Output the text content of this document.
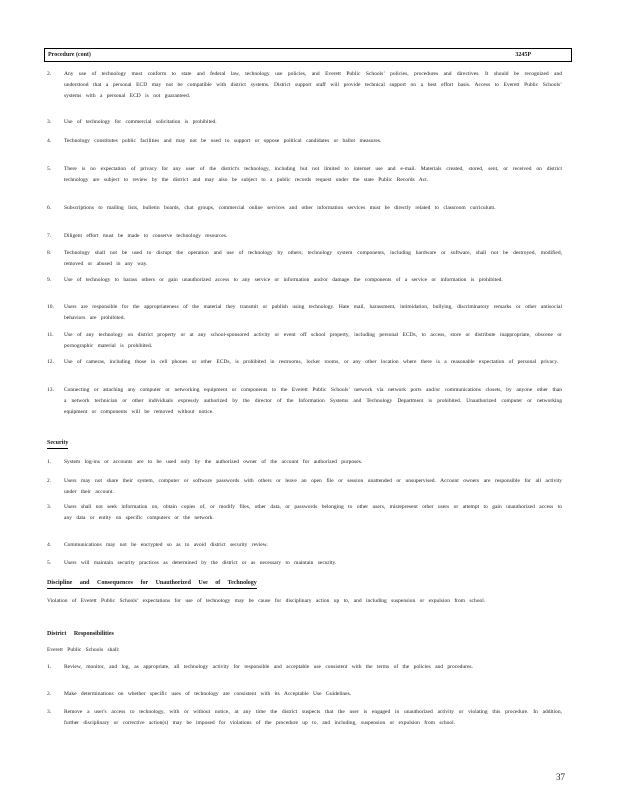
Procedure (cont)	3245P
2.	Any use of technology must conform to state and federal law, technology use policies, and Everett Public Schools’ policies, procedures and directives. It should be recognized and understood that a personal ECD may not be compatible with district systems. District support staff will provide technical support on a best effort basis. Access to Everett Public Schools’ systems with a personal ECD is not guaranteed.
3.	Use of technology for commercial solicitation is prohibited.
4.	Technology constitutes public facilities and may not be used to support or oppose political candidates or ballot measures.
5.	There is no expectation of privacy for any user of the district's technology, including but not limited to internet use and e-mail. Materials created, stored, sent, or received on district technology are subject to review by the district and may also be subject to a public records request under the state Public Records Act.
6.	Subscriptions to mailing lists, bulletin boards, chat groups, commercial online services and other information services must be directly related to classroom curriculum.
7.	Diligent effort must be made to conserve technology resources.
8.	Technology shall not be used to disrupt the operation and use of technology by others; technology system components, including hardware or software, shall not be destroyed, modified, removed or abused in any way.
9.	Use of technology to harass others or gain unauthorized access to any service or information and/or damage the components of a service or information is prohibited.
10.	Users are responsible for the appropriateness of the material they transmit or publish using technology. Hate mail, harassment, intimidation, bullying, discriminatory remarks or other antisocial behaviors are prohibited.
11.	Use of any technology on district property or at any school-sponsored activity or event off school property, including personal ECDs, to access, store or distribute inappropriate, obscene or pornographic material is prohibited.
12.	Use of cameras, including those in cell phones or other ECDs, is prohibited in restrooms, locker rooms, or any other location where there is a reasonable expectation of personal privacy.
13.	Connecting or attaching any computer or networking equipment or components to the Everett Public Schools’ network via network ports and/or communications closets, by anyone other than a network technician or other individuals expressly authorized by the director of the Information Systems and Technology Department is prohibited. Unauthorized computer or networking equipment or components will be removed without notice.
Security
1.	System log-ins or accounts are to be used only by the authorized owner of the account for authorized purposes.
2.	Users may not share their system, computer or software passwords with others or leave an open file or session unattended or unsupervised. Account owners are responsible for all activity under their account.
3.	Users shall not seek information on, obtain copies of, or modify files, other data, or passwords belonging to other users, misrepresent other users or attempt to gain unauthorized access to any data or entity on specific computers or the network.
4.	Communications may not be encrypted so as to avoid district security review.
5.	Users will maintain security practices as determined by the district or as necessary to maintain security.
Discipline and Consequences for Unauthorized Use of Technology
Violation of Everett Public Schools’ expectations for use of technology may be cause for disciplinary action up to, and including suspension or expulsion from school.
District Responsibilities
Everett Public Schools shall:
1.	Review, monitor, and log, as appropriate, all technology activity for responsible and acceptable use consistent with the terms of the policies and procedures.
2.	Make determinations on whether specific uses of technology are consistent with its Acceptable Use Guidelines.
3.	Remove a user's access to technology, with or without notice, at any time the district suspects that the user is engaged in unauthorized activity or violating this procedure. In addition, further disciplinary or corrective action(s) may be imposed for violations of the procedure up to, and including, suspension or expulsion from school.
37
